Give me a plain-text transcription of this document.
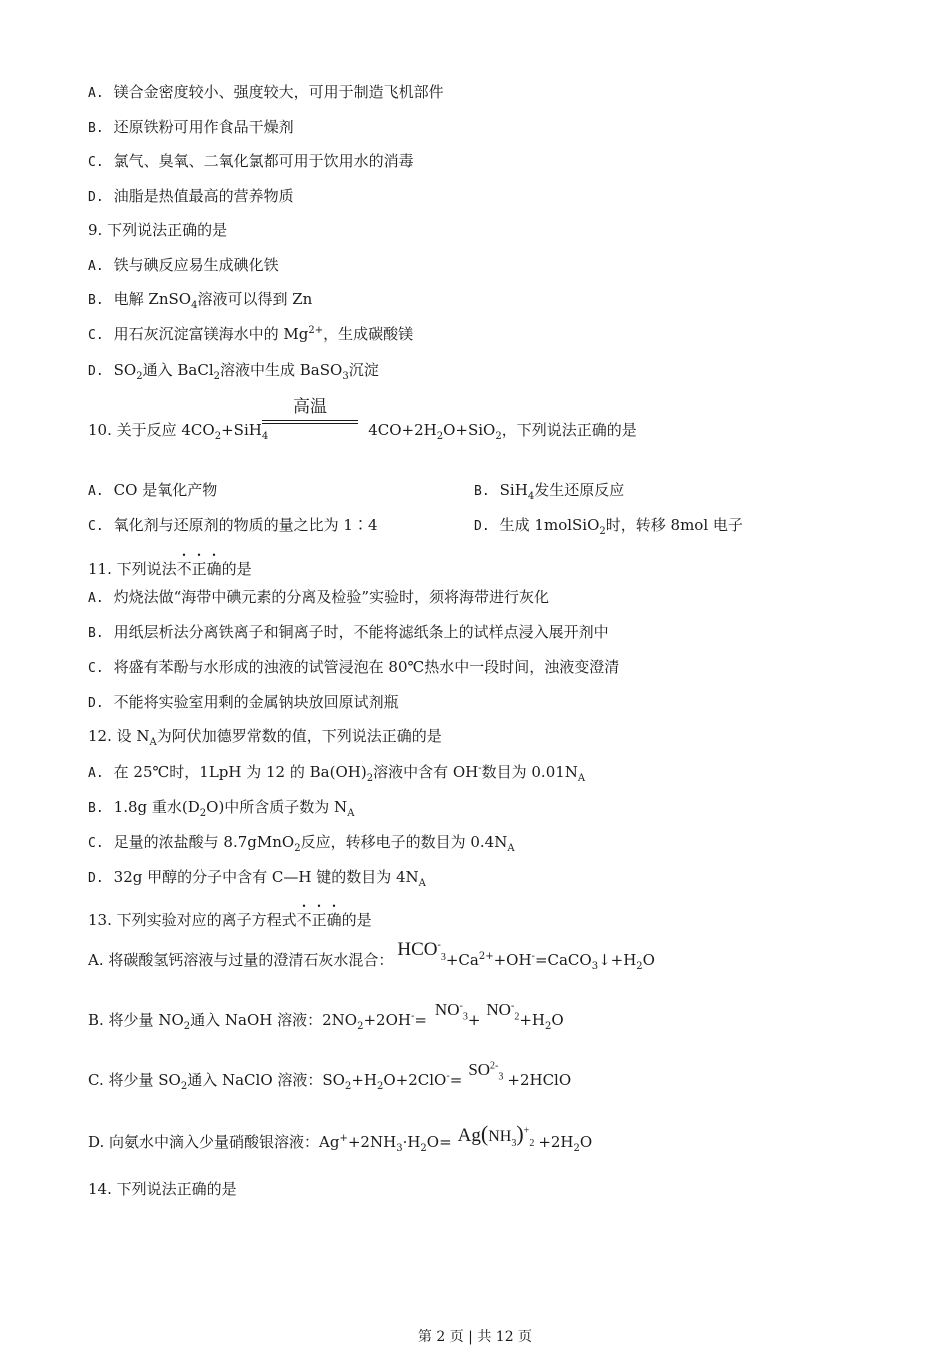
A. 镁合金密度较小、强度较大，可用于制造飞机部件
B. 还原铁粉可用作食品干燥剂
C. 氯气、臭氧、二氧化氯都可用于饮用水的消毒
D. 油脂是热值最高的营养物质
9. 下列说法正确的是
A. 铁与碘反应易生成碘化铁
B. 电解 ZnSO$_4$溶液可以得到 Zn
C. 用石灰沉淀富镁海水中的 $Mg^{2+}$，生成碳酸镁
D. $SO_2$通入 BaCl$_2$溶液中生成 BaSO$_3$沉淀
10. 关于反应 $4CO_2+SiH_4$	$4CO+2H_2O+SiO_2$，下列说法正确的是
高温
A. CO 是氧化产物	B. SiH$_4$发生还原反应
C. 氧化剂与还原剂的物质的量之比为 1∶4	D. 生成 1molSiO$_2$时，转移 8mol 电子
11. 下列说法不正确的是
A. 灼烧法做“海带中碘元素的分离及检验”实验时，须将海带进行灰化
B. 用纸层析法分离铁离子和铜离子时，不能将滤纸条上的试样点浸入展开剂中
C. 将盛有苯酚与水形成的浊液的试管浸泡在 80℃热水中一段时间，浊液变澄清
D. 不能将实验室用剩的金属钠块放回原试剂瓶
12. 设 $N_A$为阿伏加德罗常数的值，下列说法正确的是
A. 在 25℃时，1LpH 为 12 的 $Ba(OH)_2$溶液中含有 OH-数目为 $0.01N_A$
B. 1.8g 重水$(D_2O)$中所含质子数为 $N_A$
C. 足量的浓盐酸与 8.7gMnO$_2$反应，转移电子的数目为 $0.4N_A$
D. 32g 甲醇的分子中含有 C—H 键的数目为 $4N_A$
13. 下列实验对应的离子方程式不正确的是
A. 将碳酸氢钙溶液与过量的澄清石灰水混合： $HCO^-_3+Ca^{2+}+OH^-=CaCO_3↓+H_2O$
B. 将少量 $NO_2$通入 NaOH 溶液：$2NO_2+2OH^-=NO^-_3+NO^-_2+H_2O$
C. 将少量 $SO_2$通入 NaClO 溶液：$SO_2+H_2O+2ClO^-=SO^{2-}_3$ +2HClO
D. 向氨水中滴入少量硝酸银溶液：$Ag^++2NH_3\cdot H_2O= Ag(NH_3)^+_2 +2H_2O$
14. 下列说法正确的是
第 2 页 | 共 12 页
